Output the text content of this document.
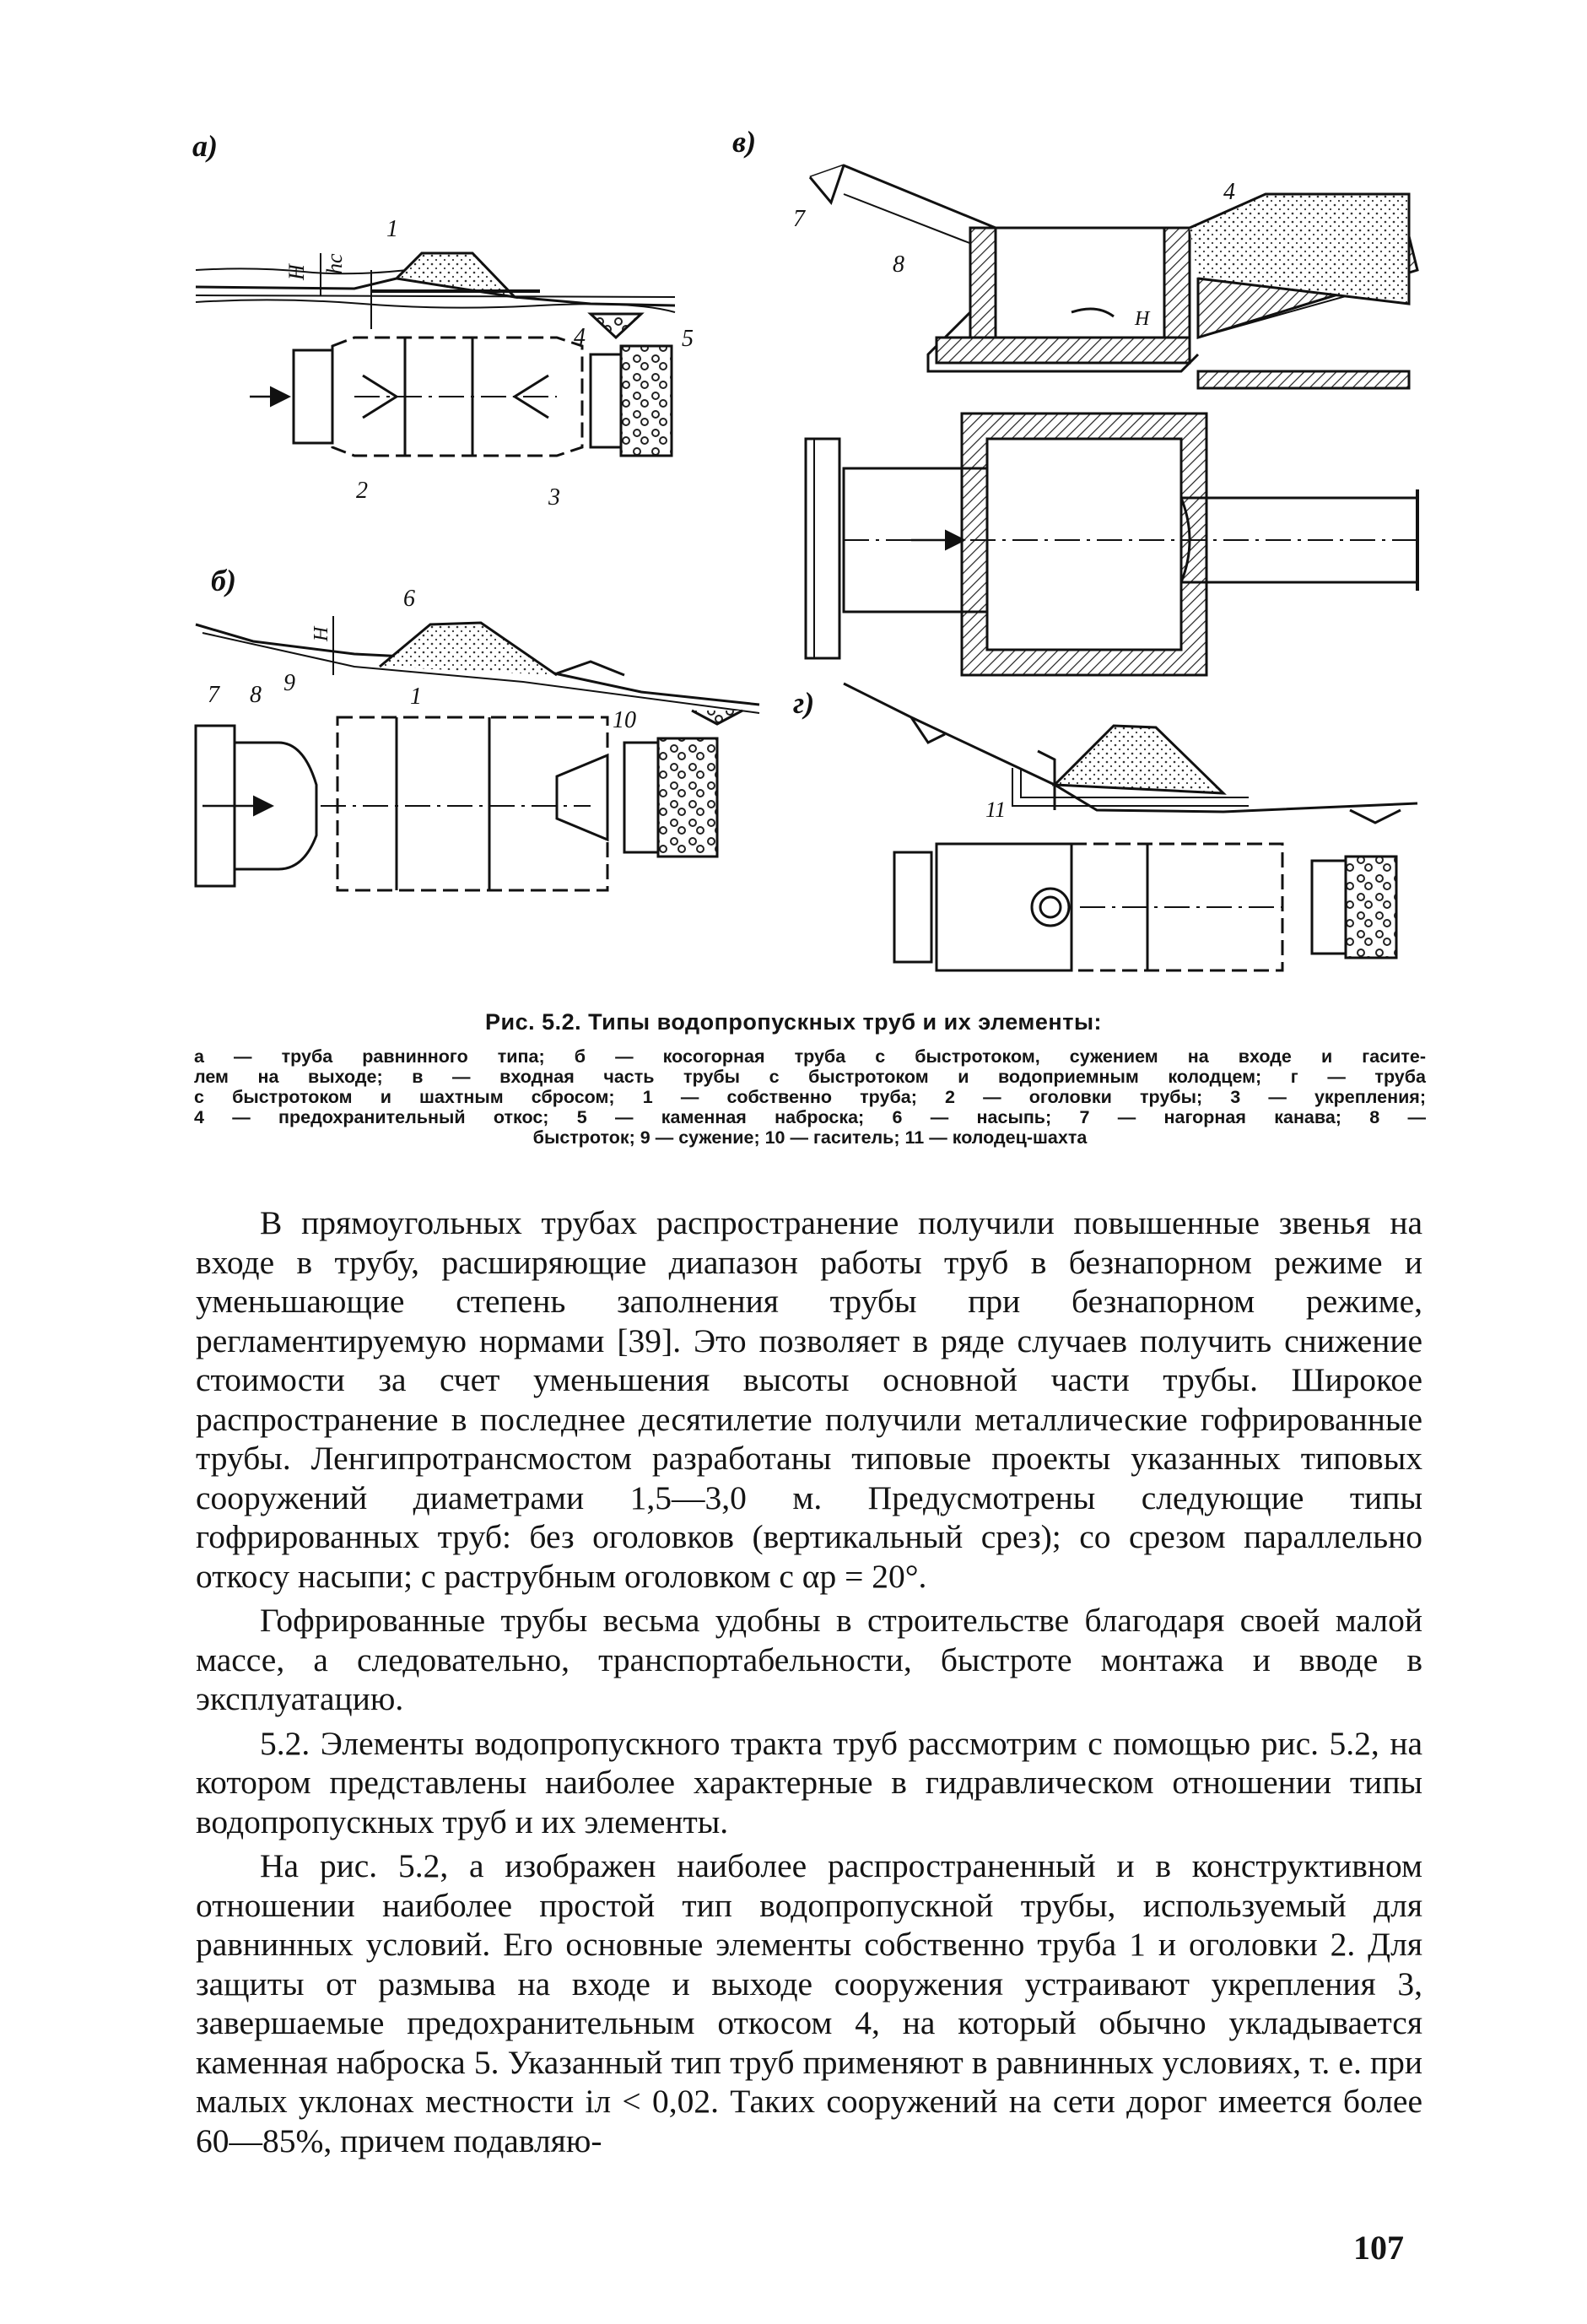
а)
H hс
1
4	5
2	3
б)
H
6
7 8 9
1
10
в)
H
7
8
4
г)
11
Рис. 5.2. Типы водопропускных труб и их элементы:
а — труба равнинного типа; б — косогорная труба с быстротоком, сужением на входе и гасите-
лем на выходе; в — входная часть трубы с быстротоком и водоприемным колодцем; г — труба
с быстротоком и шахтным сбросом; 1 — собственно труба; 2 — оголовки трубы; 3 — укрепления;
4 — предохранительный откос; 5 — каменная наброска; 6 — насыпь; 7 — нагорная канава; 8 —
быстроток; 9 — сужение; 10 — гаситель; 11 — колодец-шахта

В прямоугольных трубах распространение получили повышенные звенья на входе в трубу, расширяющие диапазон работы труб в безнапорном режиме и уменьшающие степень заполнения трубы при безнапорном режиме, регламентируемую нормами [39]. Это позволяет в ряде случаев получить снижение стоимости за счет уменьшения высоты основной части трубы. Широкое распространение в последнее десятилетие получили металлические гофрированные трубы. Ленгипротрансмостом разработаны типовые проекты указанных типовых сооружений диаметрами 1,5—3,0 м. Предусмотрены следующие типы гофрированных труб: без оголовков (вертикальный срез); со срезом параллельно откосу насыпи; с раструбным оголовком с αр = 20°.

Гофрированные трубы весьма удобны в строительстве благодаря своей малой массе, а следовательно, транспортабельности, быстроте монтажа и вводе в эксплуатацию.

5.2. Элементы водопропускного тракта труб рассмотрим с помощью рис. 5.2, на котором представлены наиболее характерные в гидравлическом отношении типы водопропускных труб и их элементы.

На рис. 5.2, а изображен наиболее распространенный и в конструктивном отношении наиболее простой тип водопропускной трубы, используемый для равнинных условий. Его основные элементы собственно труба 1 и оголовки 2. Для защиты от размыва на входе и выходе сооружения устраивают укрепления 3, завершаемые предохранительным откосом 4, на который обычно укладывается каменная наброска 5. Указанный тип труб применяют в равнинных условиях, т. е. при малых уклонах местности iл < 0,02. Таких сооружений на сети дорог имеется более 60—85%, причем подавляю-

107
